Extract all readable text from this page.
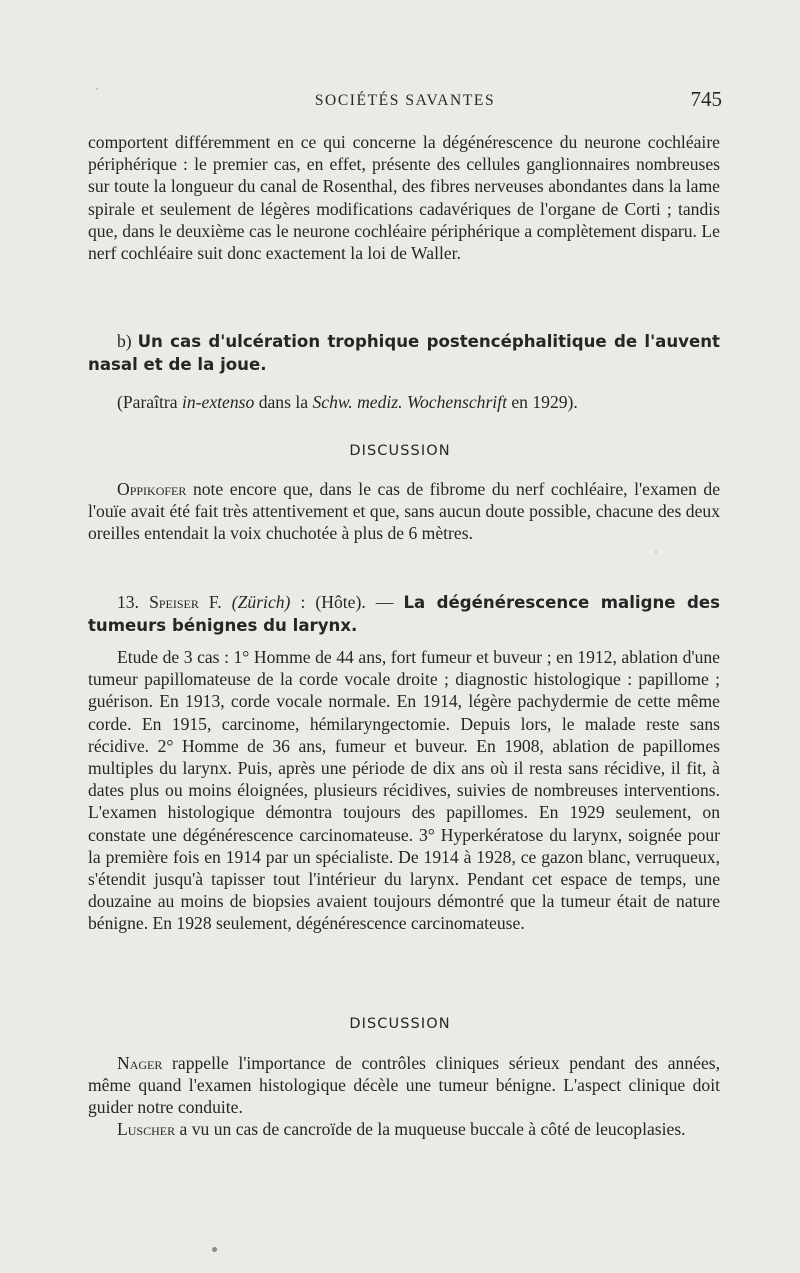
SOCIÉTÉS SAVANTES	745

comportent différemment en ce qui concerne la dégénérescence du neurone cochléaire périphérique : le premier cas, en effet, présente des cellules ganglionnaires nombreuses sur toute la longueur du canal de Rosenthal, des fibres nerveuses abondantes dans la lame spirale et seulement de légères modifications cadavériques de l'organe de Corti ; tandis que, dans le deuxième cas le neurone cochléaire périphérique a complètement disparu. Le nerf cochléaire suit donc exactement la loi de Waller.

b) Un cas d'ulcération trophique postencéphalitique de l'auvent nasal et de la joue.
(Paraîtra in-extenso dans la Schw. mediz. Wochenschrift en 1929).
DISCUSSION
Oppikofer note encore que, dans le cas de fibrome du nerf cochléaire, l'examen de l'ouïe avait été fait très attentivement et que, sans aucun doute possible, chacune des deux oreilles entendait la voix chuchotée à plus de 6 mètres.
13. Speiser F. (Zürich) : (Hôte). — La dégénérescence maligne des tumeurs bénignes du larynx.

Etude de 3 cas : 1° Homme de 44 ans, fort fumeur et buveur ; en 1912, ablation d'une tumeur papillomateuse de la corde vocale droite ; diagnostic histologique : papillome ; guérison. En 1913, corde vocale normale. En 1914, légère pachydermie de cette même corde. En 1915, carcinome, hémilaryngectomie. Depuis lors, le malade reste sans récidive. 2° Homme de 36 ans, fumeur et buveur. En 1908, ablation de papillomes multiples du larynx. Puis, après une période de dix ans où il resta sans récidive, il fit, à dates plus ou moins éloignées, plusieurs récidives, suivies de nombreuses interventions. L'examen histologique démontra toujours des papillomes. En 1929 seulement, on constate une dégénérescence carcinomateuse. 3° Hyperkératose du larynx, soignée pour la première fois en 1914 par un spécialiste. De 1914 à 1928, ce gazon blanc, verruqueux, s'étendit jusqu'à tapisser tout l'intérieur du larynx. Pendant cet espace de temps, une douzaine au moins de biopsies avaient toujours démontré que la tumeur était de nature bénigne. En 1928 seulement, dégénérescence carcinomateuse.

DISCUSSION
Nager rappelle l'importance de contrôles cliniques sérieux pendant des années, même quand l'examen histologique décèle une tumeur bénigne. L'aspect clinique doit guider notre conduite.
Luscher a vu un cas de cancroïde de la muqueuse buccale à côté de leucoplasies.
